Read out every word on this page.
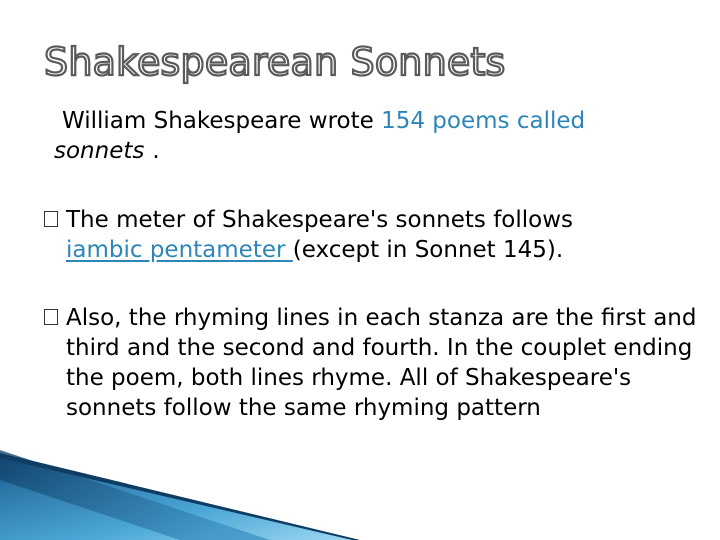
Shakespearean Sonnets
William Shakespeare wrote 154 poems called
sonnets .
The meter of Shakespeare's sonnets follows
iambic pentameter (except in Sonnet 145).
Also, the rhyming lines in each stanza are the first and third and the second and fourth. In the couplet ending the poem, both lines rhyme. All of Shakespeare's sonnets follow the same rhyming pattern
